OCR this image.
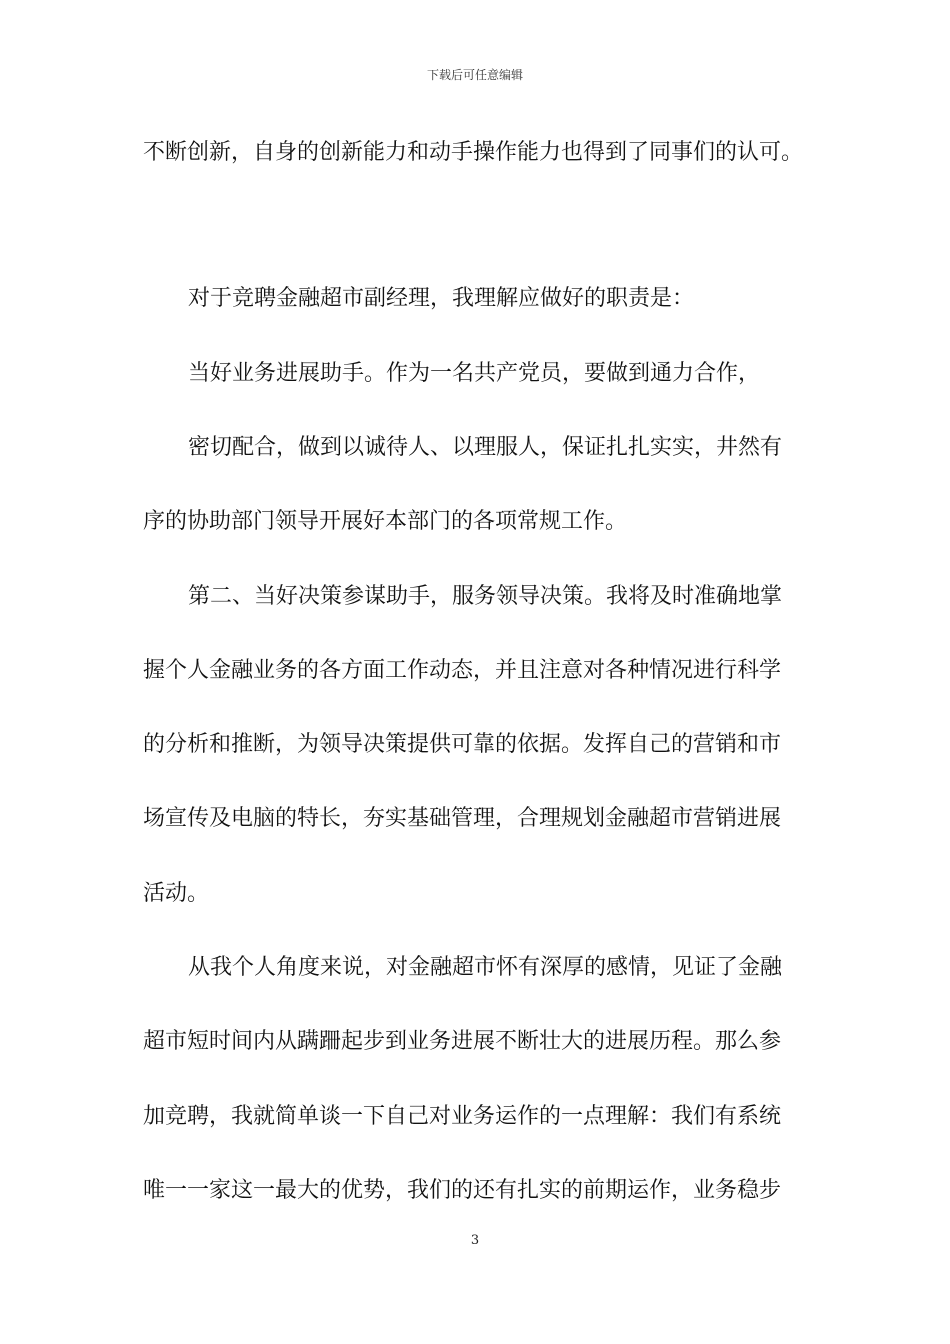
下载后可任意编辑
不断创新，自身的创新能力和动手操作能力也得到了同事们的认可。
对于竞聘金融超市副经理，我理解应做好的职责是：
当好业务进展助手。作为一名共产党员，要做到通力合作，
密切配合，做到以诚待人、以理服人，保证扎扎实实，井然有
序的协助部门领导开展好本部门的各项常规工作。
第二、当好决策参谋助手，服务领导决策。我将及时准确地掌
握个人金融业务的各方面工作动态，并且注意对各种情况进行科学
的分析和推断，为领导决策提供可靠的依据。发挥自己的营销和市
场宣传及电脑的特长，夯实基础管理，合理规划金融超市营销进展
活动。
从我个人角度来说，对金融超市怀有深厚的感情，见证了金融
超市短时间内从蹒跚起步到业务进展不断壮大的进展历程。那么参
加竞聘，我就简单谈一下自己对业务运作的一点理解：我们有系统
唯一一家这一最大的优势，我们的还有扎实的前期运作，业务稳步
3
